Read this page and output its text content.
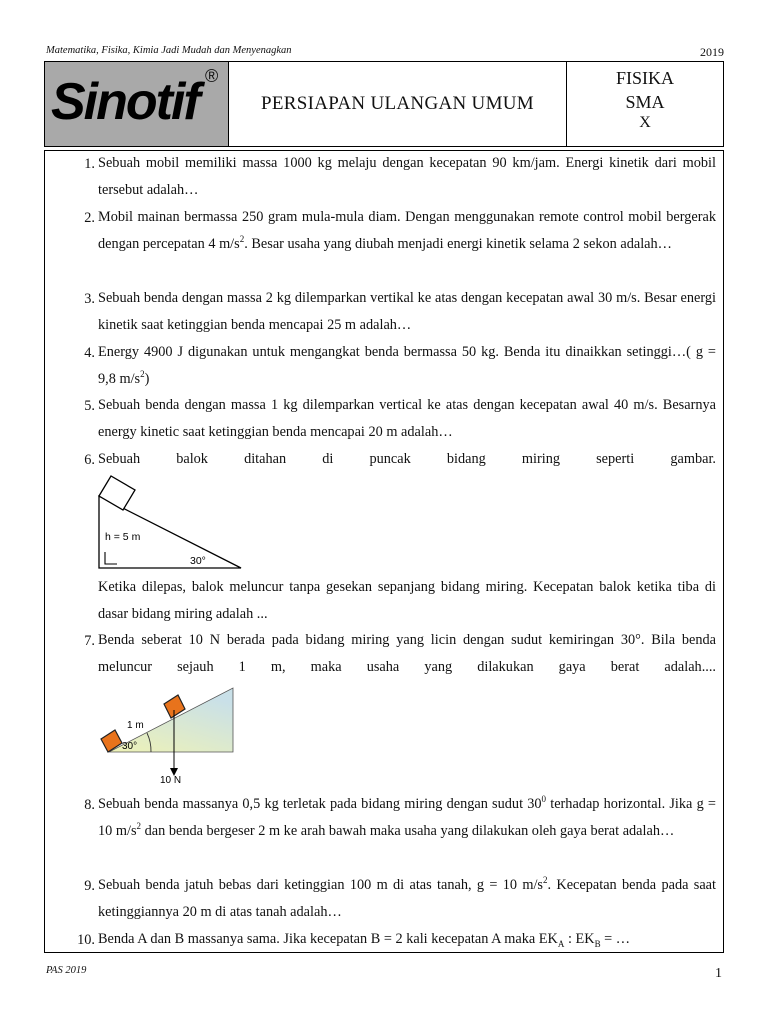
Matematika, Fisika, Kimia Jadi Mudah dan Menyenagkan	2019
Sinotif ®
PERSIAPAN ULANGAN UMUM
FISIKA
SMA
X
1. Sebuah mobil memiliki massa 1000 kg melaju dengan kecepatan 90 km/jam. Energi kinetik dari mobil tersebut adalah…
2. Mobil mainan bermassa 250 gram mula-mula diam. Dengan menggunakan remote control mobil bergerak dengan percepatan 4 $m/s^2$. Besar usaha yang diubah menjadi energi kinetik selama 2 sekon adalah…
3. Sebuah benda dengan massa 2 kg dilemparkan vertikal ke atas dengan kecepatan awal 30 m/s. Besar energi kinetik saat ketinggian benda mencapai 25 m adalah…
4. Energy 4900 J digunakan untuk mengangkat benda bermassa 50 kg. Benda itu dinaikkan setinggi…( g = 9,8 $m/s^2$)
5. Sebuah benda dengan massa 1 kg dilemparkan vertical ke atas dengan kecepatan awal 40 m/s. Besarnya energy kinetic saat ketinggian benda mencapai 20 m adalah…
6. Sebuah balok ditahan di puncak bidang miring seperti gambar.
h = 5 m
30°
Ketika dilepas, balok meluncur tanpa gesekan sepanjang bidang miring. Kecepatan balok ketika tiba di dasar bidang miring adalah ...
7. Benda seberat 10 N berada pada bidang miring yang licin dengan sudut kemiringan 30°. Bila benda meluncur sejauh 1 m, maka usaha yang dilakukan gaya berat adalah....
1 m
30°
10 N
8. Sebuah benda massanya 0,5 kg terletak pada bidang miring dengan sudut $30^0$ terhadap horizontal. Jika g = 10 $m/s^2$ dan benda bergeser 2 m ke arah bawah maka usaha yang dilakukan oleh gaya berat adalah…
9. Sebuah benda jatuh bebas dari ketinggian 100 m di atas tanah, g = 10 $m/s^2$. Kecepatan benda pada saat ketinggiannya 20 m di atas tanah adalah…
10. Benda A dan B massanya sama. Jika kecepatan B = 2 kali kecepatan A maka $EK_A$ : $EK_B$ = …
PAS 2019	1
